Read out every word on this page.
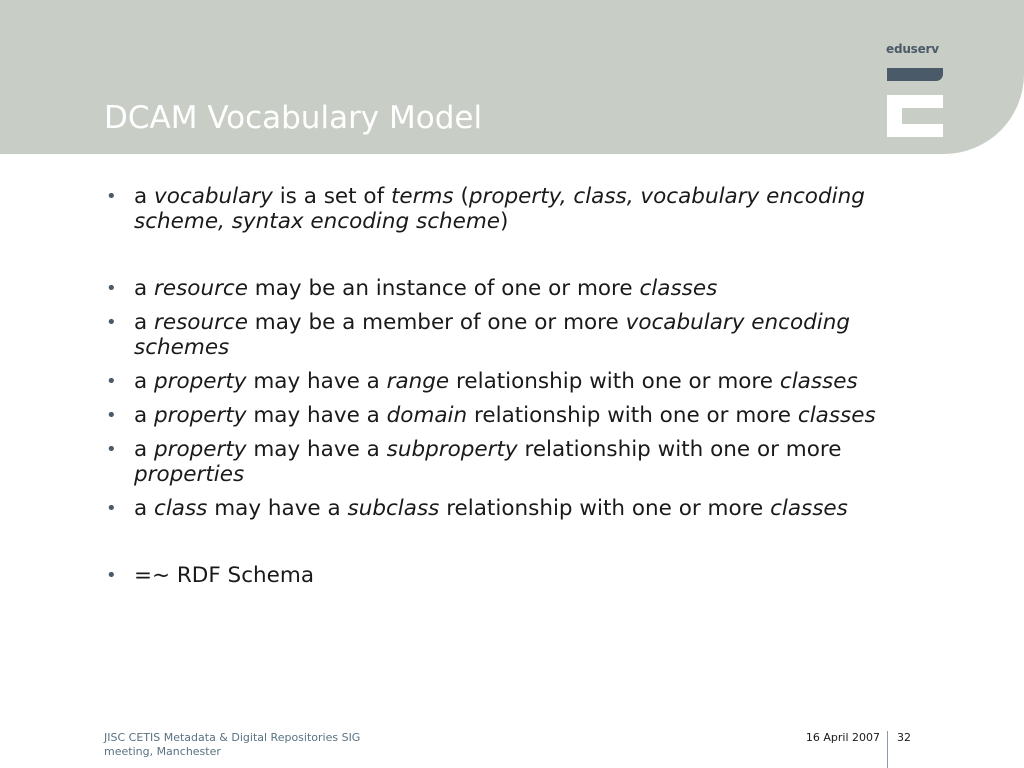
DCAM Vocabulary Model
eduserv
• a vocabulary is a set of terms (property, class, vocabulary encoding scheme, syntax encoding scheme)
• a resource may be an instance of one or more classes
• a resource may be a member of one or more vocabulary encoding schemes
• a property may have a range relationship with one or more classes
• a property may have a domain relationship with one or more classes
• a property may have a subproperty relationship with one or more properties
• a class may have a subclass relationship with one or more classes
• =~ RDF Schema
JISC CETIS Metadata & Digital Repositories SIG meeting, Manchester
16 April 2007 32
